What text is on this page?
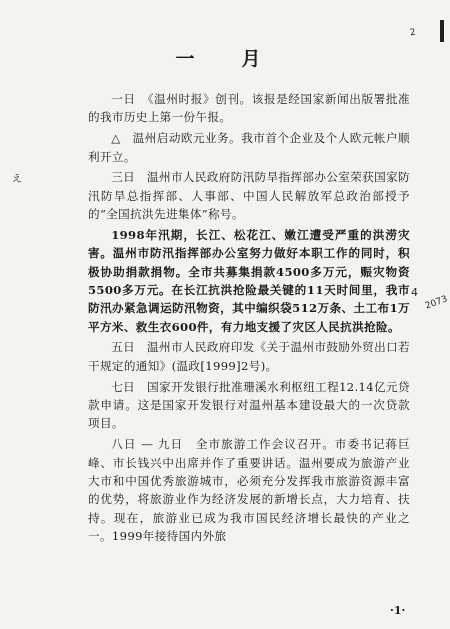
2
一　月

一日　《温州时报》创刊。该报是经国家新闻出版署批准的我市历史上第一份午报。

△　温州启动欧元业务。我市首个企业及个人欧元帐户顺利开立。

三日　温州市人民政府防汛防旱指挥部办公室荣获国家防汛防旱总指挥部、人事部、中国人民解放军总政治部授予的“全国抗洪先进集体”称号。

1998年汛期，长江、松花江、嫩江遭受严重的洪涝灾害。温州市防汛指挥部办公室努力做好本职工作的同时，积极协助捐款捐物。全市共募集捐款4500多万元，赈灾物资5500多万元。在长江抗洪抢险最关键的11天时间里，我市防汛办紧急调运防汛物资，其中编织袋512万条、土工布1万平方米、救生衣600件，有力地支援了灾区人民抗洪抢险。

五日　温州市人民政府印发《关于温州市鼓励外贸出口若干规定的通知》(温政[1999]2号)。

七日　国家开发银行批准珊溪水利枢纽工程12.14亿元贷款申请。这是国家开发银行对温州基本建设最大的一次贷款项目。

八日 — 九日　全市旅游工作会议召开。市委书记蒋巨峰、市长钱兴中出席并作了重要讲话。温州要成为旅游产业大市和中国优秀旅游城市，必须充分发挥我市旅游资源丰富的优势，将旅游业作为经济发展的新增长点，大力培育、扶持。现在，旅游业已成为我市国民经济增长最快的产业之一。1999年接待国内外旅

え
4
2073
·1·
